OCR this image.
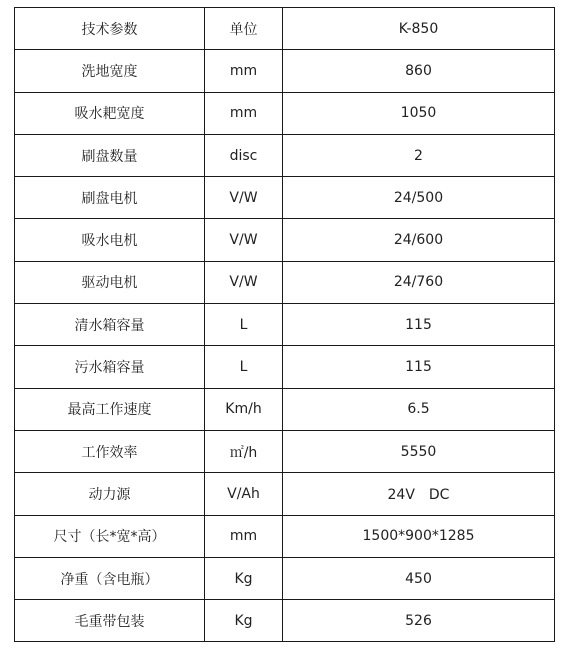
技术参数	单位	K-850
洗地宽度	mm	860
吸水耙宽度	mm	1050
刷盘数量	disc	2
刷盘电机	V/W	24/500
吸水电机	V/W	24/600
驱动电机	V/W	24/760
清水箱容量	L	115
污水箱容量	L	115
最高工作速度	Km/h	6.5
工作效率	㎡/h	5550
动力源	V/Ah	24V　DC
尺寸（长*宽*高）	mm	1500*900*1285
净重（含电瓶）	Kg	450
毛重带包装	Kg	526
